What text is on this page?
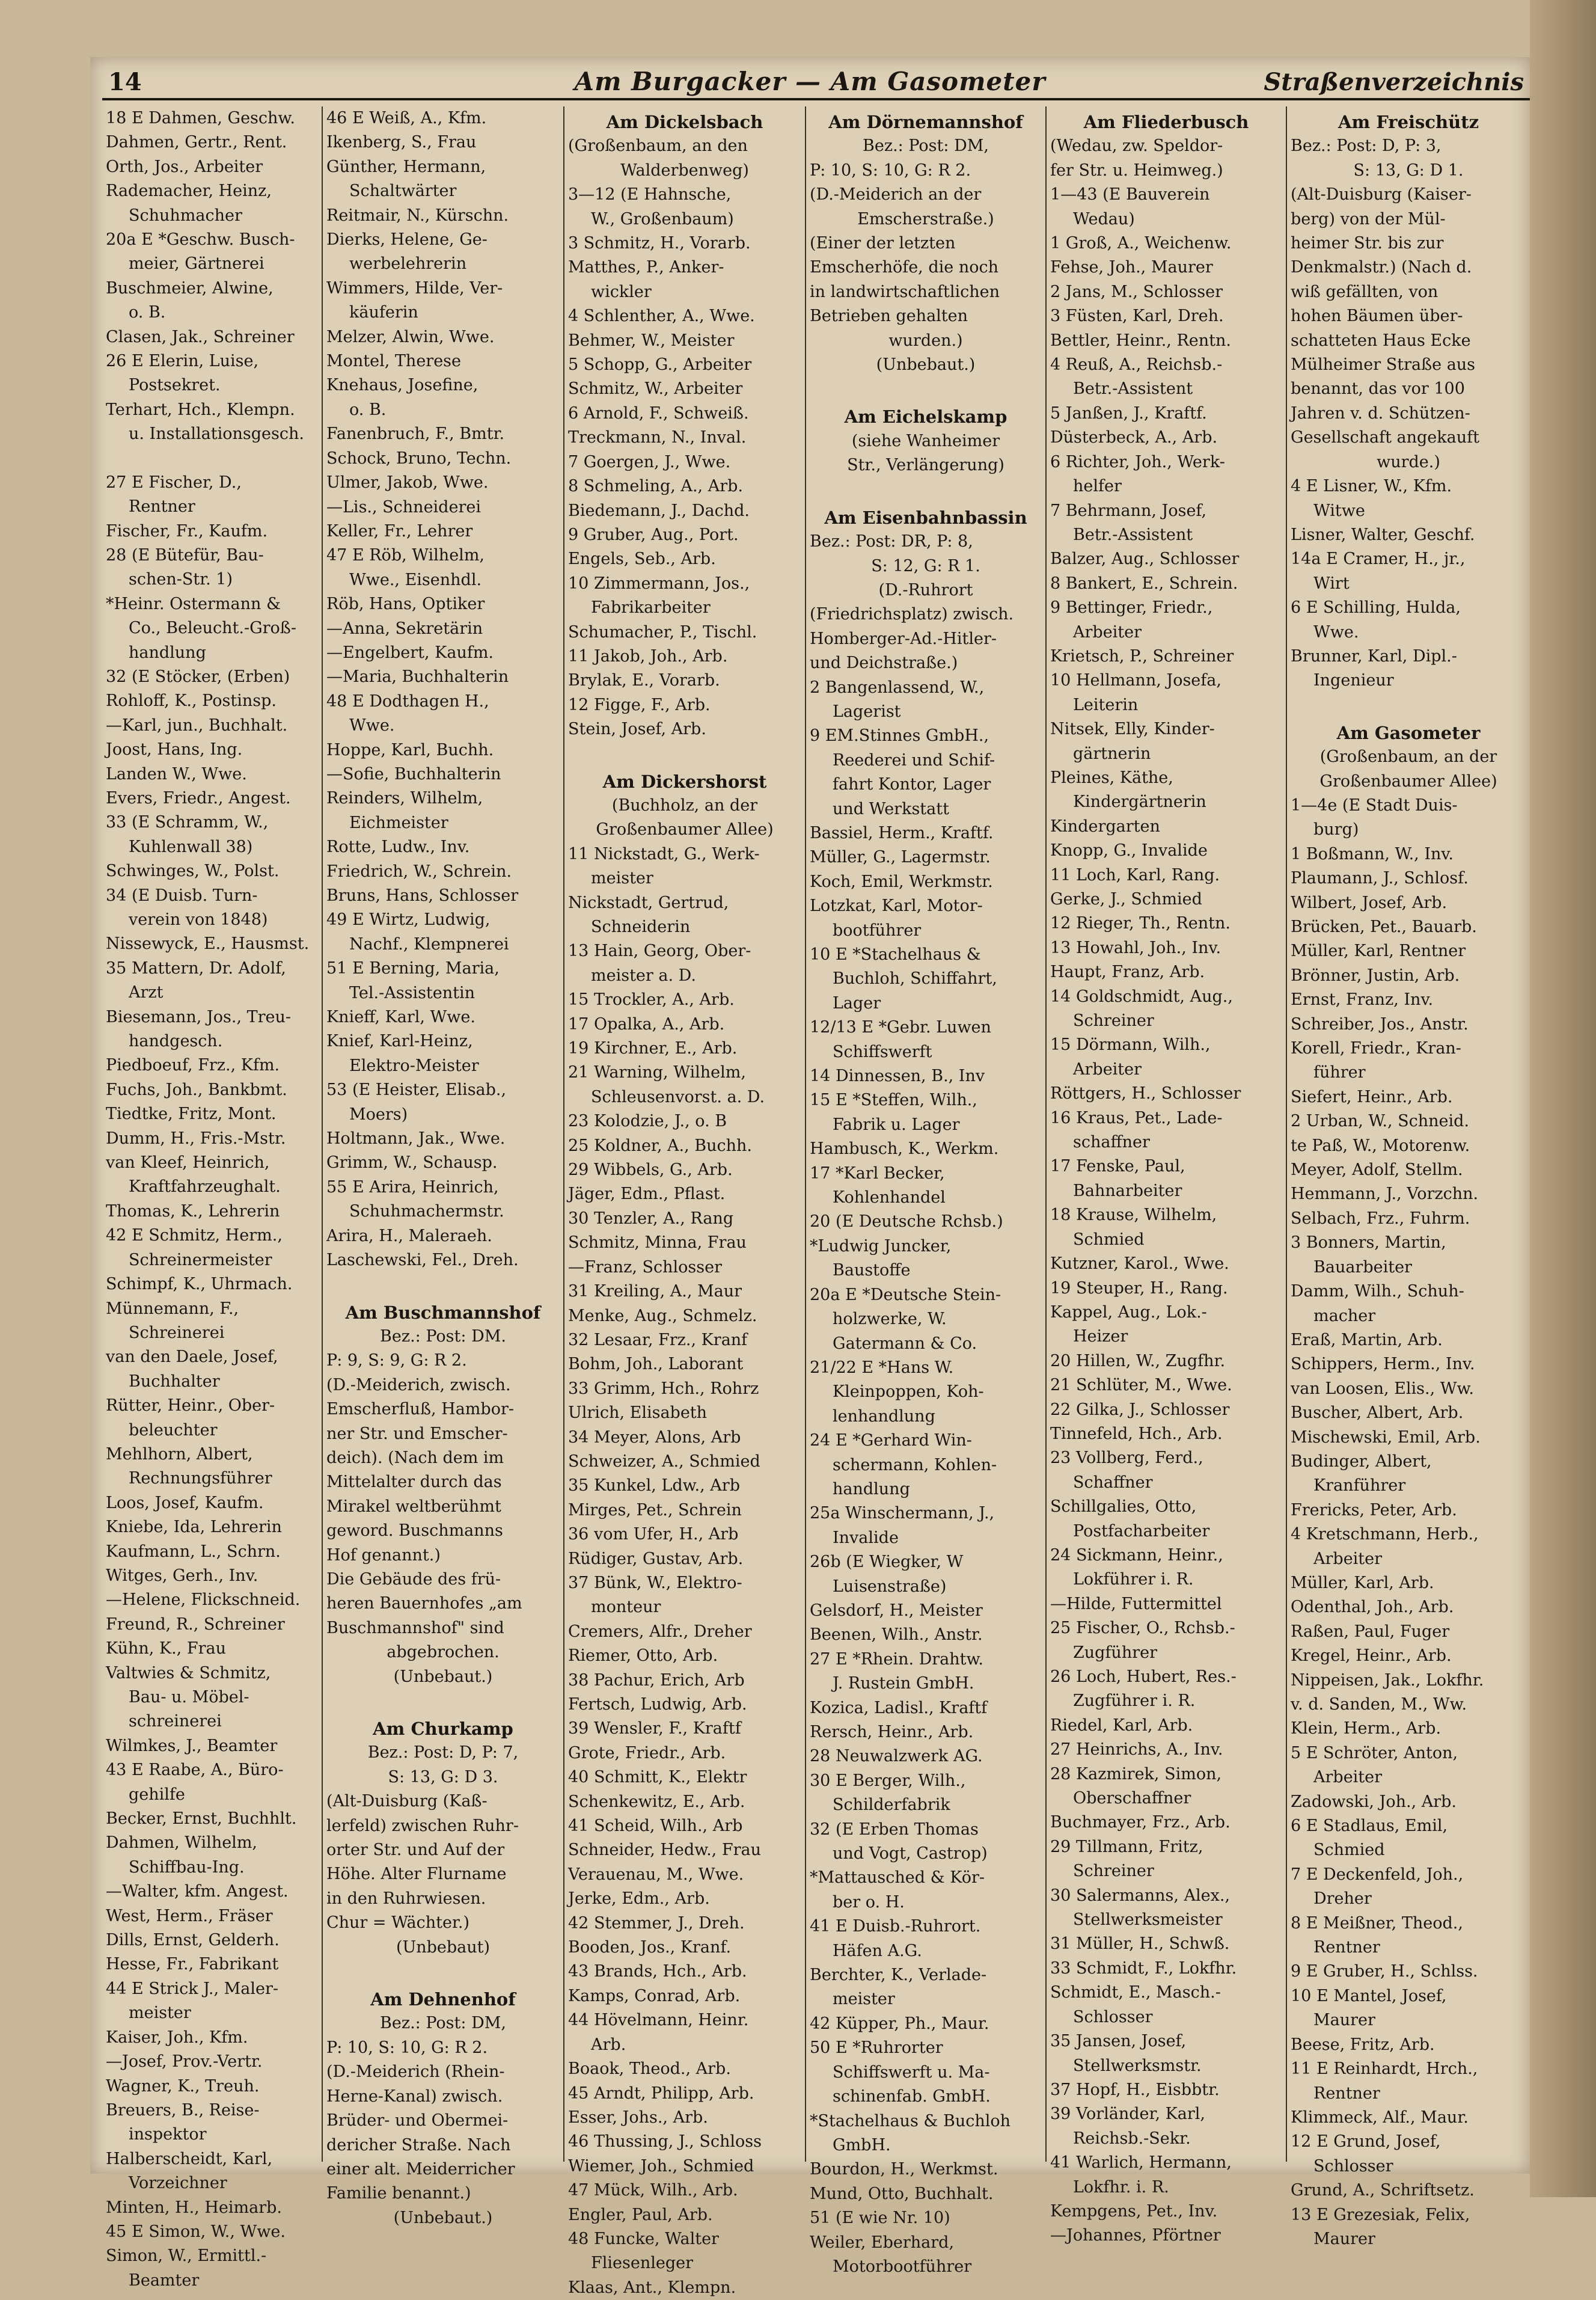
14	Am Burgacker — Am Gasometer	Straßenverzeichnis
18 E Dahmen, Geschw.
Dahmen, Gertr., Rent.
Orth, Jos., Arbeiter
Rademacher, Heinz,
Schuhmacher
20a E *Geschw. Busch-
meier, Gärtnerei
Buschmeier, Alwine,
o. B.
Clasen, Jak., Schreiner
26 E Elerin, Luise,
Postsekret.
Terhart, Hch., Klempn.
u. Installationsgesch.
27 E Fischer, D.,
Rentner
Fischer, Fr., Kaufm.
28 (E Bütefür, Bau-
schen-Str. 1)
*Heinr. Ostermann &
Co., Beleucht.-Groß-
handlung
32 (E Stöcker, (Erben)
Rohloff, K., Postinsp.
—Karl, jun., Buchhalt.
Joost, Hans, Ing.
Landen W., Wwe.
Evers, Friedr., Angest.
33 (E Schramm, W.,
Kuhlenwall 38)
Schwinges, W., Polst.
34 (E Duisb. Turn-
verein von 1848)
Nissewyck, E., Hausmst.
35 Mattern, Dr. Adolf,
Arzt
Biesemann, Jos., Treu-
handgesch.
Piedboeuf, Frz., Kfm.
Fuchs, Joh., Bankbmt.
Tiedtke, Fritz, Mont.
Dumm, H., Fris.-Mstr.
van Kleef, Heinrich,
Kraftfahrzeughalt.
Thomas, K., Lehrerin
42 E Schmitz, Herm.,
Schreinermeister
Schimpf, K., Uhrmach.
Münnemann, F.,
Schreinerei
van den Daele, Josef,
Buchhalter
Rütter, Heinr., Ober-
beleuchter
Mehlhorn, Albert,
Rechnungsführer
Loos, Josef, Kaufm.
Kniebe, Ida, Lehrerin
Kaufmann, L., Schrn.
Witges, Gerh., Inv.
—Helene, Flickschneid.
Freund, R., Schreiner
Kühn, K., Frau
Valtwies & Schmitz,
Bau- u. Möbel-
schreinerei
Wilmkes, J., Beamter
43 E Raabe, A., Büro-
gehilfe
Becker, Ernst, Buchhlt.
Dahmen, Wilhelm,
Schiffbau-Ing.
—Walter, kfm. Angest.
West, Herm., Fräser
Dills, Ernst, Gelderh.
Hesse, Fr., Fabrikant
44 E Strick J., Maler-
meister
Kaiser, Joh., Kfm.
—Josef, Prov.-Vertr.
Wagner, K., Treuh.
Breuers, B., Reise-
inspektor
Halberscheidt, Karl,
Vorzeichner
Minten, H., Heimarb.
45 E Simon, W., Wwe.
Simon, W., Ermittl.-
Beamter
46 E Weiß, A., Kfm.
Ikenberg, S., Frau
Günther, Hermann,
Schaltwärter
Reitmair, N., Kürschn.
Dierks, Helene, Ge-
werbelehrerin
Wimmers, Hilde, Ver-
käuferin
Melzer, Alwin, Wwe.
Montel, Therese
Knehaus, Josefine,
o. B.
Fanenbruch, F., Bmtr.
Schock, Bruno, Techn.
Ulmer, Jakob, Wwe.
—Lis., Schneiderei
Keller, Fr., Lehrer
47 E Röb, Wilhelm,
Wwe., Eisenhdl.
Röb, Hans, Optiker
—Anna, Sekretärin
—Engelbert, Kaufm.
—Maria, Buchhalterin
48 E Dodthagen H.,
Wwe.
Hoppe, Karl, Buchh.
—Sofie, Buchhalterin
Reinders, Wilhelm,
Eichmeister
Rotte, Ludw., Inv.
Friedrich, W., Schrein.
Bruns, Hans, Schlosser
49 E Wirtz, Ludwig,
Nachf., Klempnerei
51 E Berning, Maria,
Tel.-Assistentin
Knieff, Karl, Wwe.
Knief, Karl-Heinz,
Elektro-Meister
53 (E Heister, Elisab.,
Moers)
Holtmann, Jak., Wwe.
Grimm, W., Schausp.
55 E Arira, Heinrich,
Schuhmachermstr.
Arira, H., Maleraeh.
Laschewski, Fel., Dreh.
Am Buschmannshof
Bez.: Post: DM.
P: 9, S: 9, G: R 2.
(D.-Meiderich, zwisch.
Emscherfluß, Hambor-
ner Str. und Emscher-
deich). (Nach dem im
Mittelalter durch das
Mirakel weltberühmt
geword. Buschmanns
Hof genannt.)
Die Gebäude des frü-
heren Bauernhofes „am
Buschmannshof" sind
abgebrochen.
(Unbebaut.)
Am Churkamp
Bez.: Post: D, P: 7,
S: 13, G: D 3.
(Alt-Duisburg (Kaß-
lerfeld) zwischen Ruhr-
orter Str. und Auf der
Höhe. Alter Flurname
in den Ruhrwiesen.
Chur = Wächter.)
(Unbebaut)
Am Dehnenhof
Bez.: Post: DM,
P: 10, S: 10, G: R 2.
(D.-Meiderich (Rhein-
Herne-Kanal) zwisch.
Brüder- und Obermei-
dericher Straße. Nach
einer alt. Meiderricher
Familie benannt.)
(Unbebaut.)
Am Dickelsbach
(Großenbaum, an den
Walderbenweg)
3—12 (E Hahnsche,
W., Großenbaum)
3 Schmitz, H., Vorarb.
Matthes, P., Anker-
wickler
4 Schlenther, A., Wwe.
Behmer, W., Meister
5 Schopp, G., Arbeiter
Schmitz, W., Arbeiter
6 Arnold, F., Schweiß.
Treckmann, N., Inval.
7 Goergen, J., Wwe.
8 Schmeling, A., Arb.
Biedemann, J., Dachd.
9 Gruber, Aug., Port.
Engels, Seb., Arb.
10 Zimmermann, Jos.,
Fabrikarbeiter
Schumacher, P., Tischl.
11 Jakob, Joh., Arb.
Brylak, E., Vorarb.
12 Figge, F., Arb.
Stein, Josef, Arb.
Am Dickershorst
(Buchholz, an der
Großenbaumer Allee)
11 Nickstadt, G., Werk-
meister
Nickstadt, Gertrud,
Schneiderin
13 Hain, Georg, Ober-
meister a. D.
15 Trockler, A., Arb.
17 Opalka, A., Arb.
19 Kirchner, E., Arb.
21 Warning, Wilhelm,
Schleusenvorst. a. D.
23 Kolodzie, J., o. B
25 Koldner, A., Buchh.
29 Wibbels, G., Arb.
Jäger, Edm., Pflast.
30 Tenzler, A., Rang
Schmitz, Minna, Frau
—Franz, Schlosser
31 Kreiling, A., Maur
Menke, Aug., Schmelz.
32 Lesaar, Frz., Kranf
Bohm, Joh., Laborant
33 Grimm, Hch., Rohrz
Ulrich, Elisabeth
34 Meyer, Alons, Arb
Schweizer, A., Schmied
35 Kunkel, Ldw., Arb
Mirges, Pet., Schrein
36 vom Ufer, H., Arb
Rüdiger, Gustav, Arb.
37 Bünk, W., Elektro-
monteur
Cremers, Alfr., Dreher
Riemer, Otto, Arb.
38 Pachur, Erich, Arb
Fertsch, Ludwig, Arb.
39 Wensler, F., Kraftf
Grote, Friedr., Arb.
40 Schmitt, K., Elektr
Schenkewitz, E., Arb.
41 Scheid, Wilh., Arb
Schneider, Hedw., Frau
Verauenau, M., Wwe.
Jerke, Edm., Arb.
42 Stemmer, J., Dreh.
Booden, Jos., Kranf.
43 Brands, Hch., Arb.
Kamps, Conrad, Arb.
44 Hövelmann, Heinr.
Arb.
Boaok, Theod., Arb.
45 Arndt, Philipp, Arb.
Esser, Johs., Arb.
46 Thussing, J., Schloss
Wiemer, Joh., Schmied
47 Mück, Wilh., Arb.
Engler, Paul, Arb.
48 Funcke, Walter
Fliesenleger
Klaas, Ant., Klempn.
Am Dörnemannshof
Bez.: Post: DM,
P: 10, S: 10, G: R 2.
(D.-Meiderich an der
Emscherstraße.)
(Einer der letzten
Emscherhöfe, die noch
in landwirtschaftlichen
Betrieben gehalten
wurden.)
(Unbebaut.)
Am Eichelskamp
(siehe Wanheimer
Str., Verlängerung)
Am Eisenbahnbassin
Bez.: Post: DR, P: 8,
S: 12, G: R 1.
(D.-Ruhrort
(Friedrichsplatz) zwisch.
Homberger-Ad.-Hitler-
und Deichstraße.)
2 Bangenlassend, W.,
Lagerist
9 EM.Stinnes GmbH.,
Reederei und Schif-
fahrt Kontor, Lager
und Werkstatt
Bassiel, Herm., Kraftf.
Müller, G., Lagermstr.
Koch, Emil, Werkmstr.
Lotzkat, Karl, Motor-
bootführer
10 E *Stachelhaus &
Buchloh, Schiffahrt,
Lager
12/13 E *Gebr. Luwen
Schiffswerft
14 Dinnessen, B., Inv
15 E *Steffen, Wilh.,
Fabrik u. Lager
Hambusch, K., Werkm.
17 *Karl Becker,
Kohlenhandel
20 (E Deutsche Rchsb.)
*Ludwig Juncker,
Baustoffe
20a E *Deutsche Stein-
holzwerke, W.
Gatermann & Co.
21/22 E *Hans W.
Kleinpoppen, Koh-
lenhandlung
24 E *Gerhard Win-
schermann, Kohlen-
handlung
25a Winschermann, J.,
Invalide
26b (E Wiegker, W
Luisenstraße)
Gelsdorf, H., Meister
Beenen, Wilh., Anstr.
27 E *Rhein. Drahtw.
J. Rustein GmbH.
Kozica, Ladisl., Kraftf
Rersch, Heinr., Arb.
28 Neuwalzwerk AG.
30 E Berger, Wilh.,
Schilderfabrik
32 (E Erben Thomas
und Vogt, Castrop)
*Mattausched & Kör-
ber o. H.
41 E Duisb.-Ruhrort.
Häfen A.G.
Berchter, K., Verlade-
meister
42 Küpper, Ph., Maur.
50 E *Ruhrorter
Schiffswerft u. Ma-
schinenfab. GmbH.
*Stachelhaus & Buchloh
GmbH.
Bourdon, H., Werkmst.
Mund, Otto, Buchhalt.
51 (E wie Nr. 10)
Weiler, Eberhard,
Motorbootführer
Am Fliederbusch
(Wedau, zw. Speldor-
fer Str. u. Heimweg.)
1—43 (E Bauverein
Wedau)
1 Groß, A., Weichenw.
Fehse, Joh., Maurer
2 Jans, M., Schlosser
3 Füsten, Karl, Dreh.
Bettler, Heinr., Rentn.
4 Reuß, A., Reichsb.-
Betr.-Assistent
5 Janßen, J., Kraftf.
Düsterbeck, A., Arb.
6 Richter, Joh., Werk-
helfer
7 Behrmann, Josef,
Betr.-Assistent
Balzer, Aug., Schlosser
8 Bankert, E., Schrein.
9 Bettinger, Friedr.,
Arbeiter
Krietsch, P., Schreiner
10 Hellmann, Josefa,
Leiterin
Nitsek, Elly, Kinder-
gärtnerin
Pleines, Käthe,
Kindergärtnerin
Kindergarten
Knopp, G., Invalide
11 Loch, Karl, Rang.
Gerke, J., Schmied
12 Rieger, Th., Rentn.
13 Howahl, Joh., Inv.
Haupt, Franz, Arb.
14 Goldschmidt, Aug.,
Schreiner
15 Dörmann, Wilh.,
Arbeiter
Röttgers, H., Schlosser
16 Kraus, Pet., Lade-
schaffner
17 Fenske, Paul,
Bahnarbeiter
18 Krause, Wilhelm,
Schmied
Kutzner, Karol., Wwe.
19 Steuper, H., Rang.
Kappel, Aug., Lok.-
Heizer
20 Hillen, W., Zugfhr.
21 Schlüter, M., Wwe.
22 Gilka, J., Schlosser
Tinnefeld, Hch., Arb.
23 Vollberg, Ferd.,
Schaffner
Schillgalies, Otto,
Postfacharbeiter
24 Sickmann, Heinr.,
Lokführer i. R.
—Hilde, Futtermittel
25 Fischer, O., Rchsb.-
Zugführer
26 Loch, Hubert, Res.-
Zugführer i. R.
Riedel, Karl, Arb.
27 Heinrichs, A., Inv.
28 Kazmirek, Simon,
Oberschaffner
Buchmayer, Frz., Arb.
29 Tillmann, Fritz,
Schreiner
30 Salermanns, Alex.,
Stellwerksmeister
31 Müller, H., Schwß.
33 Schmidt, F., Lokfhr.
Schmidt, E., Masch.-
Schlosser
35 Jansen, Josef,
Stellwerksmstr.
37 Hopf, H., Eisbbtr.
39 Vorländer, Karl,
Reichsb.-Sekr.
41 Warlich, Hermann,
Lokfhr. i. R.
Kempgens, Pet., Inv.
—Johannes, Pförtner
Am Freischütz
Bez.: Post: D, P: 3,
S: 13, G: D 1.
(Alt-Duisburg (Kaiser-
berg) von der Mül-
heimer Str. bis zur
Denkmalstr.) (Nach d.
wiß gefällten, von
hohen Bäumen über-
schatteten Haus Ecke
Mülheimer Straße aus
benannt, das vor 100
Jahren v. d. Schützen-
Gesellschaft angekauft
wurde.)
4 E Lisner, W., Kfm.
Witwe
Lisner, Walter, Geschf.
14a E Cramer, H., jr.,
Wirt
6 E Schilling, Hulda,
Wwe.
Brunner, Karl, Dipl.-
Ingenieur
Am Gasometer
(Großenbaum, an der
Großenbaumer Allee)
1—4e (E Stadt Duis-
burg)
1 Boßmann, W., Inv.
Plaumann, J., Schlosf.
Wilbert, Josef, Arb.
Brücken, Pet., Bauarb.
Müller, Karl, Rentner
Brönner, Justin, Arb.
Ernst, Franz, Inv.
Schreiber, Jos., Anstr.
Korell, Friedr., Kran-
führer
Siefert, Heinr., Arb.
2 Urban, W., Schneid.
te Paß, W., Motorenw.
Meyer, Adolf, Stellm.
Hemmann, J., Vorzchn.
Selbach, Frz., Fuhrm.
3 Bonners, Martin,
Bauarbeiter
Damm, Wilh., Schuh-
macher
Eraß, Martin, Arb.
Schippers, Herm., Inv.
van Loosen, Elis., Ww.
Buscher, Albert, Arb.
Mischewski, Emil, Arb.
Budinger, Albert,
Kranführer
Frericks, Peter, Arb.
4 Kretschmann, Herb.,
Arbeiter
Müller, Karl, Arb.
Odenthal, Joh., Arb.
Raßen, Paul, Fuger
Kregel, Heinr., Arb.
Nippeisen, Jak., Lokfhr.
v. d. Sanden, M., Ww.
Klein, Herm., Arb.
5 E Schröter, Anton,
Arbeiter
Zadowski, Joh., Arb.
6 E Stadlaus, Emil,
Schmied
7 E Deckenfeld, Joh.,
Dreher
8 E Meißner, Theod.,
Rentner
9 E Gruber, H., Schlss.
10 E Mantel, Josef,
Maurer
Beese, Fritz, Arb.
11 E Reinhardt, Hrch.,
Rentner
Klimmeck, Alf., Maur.
12 E Grund, Josef,
Schlosser
Grund, A., Schriftsetz.
13 E Grezesiak, Felix,
Maurer
